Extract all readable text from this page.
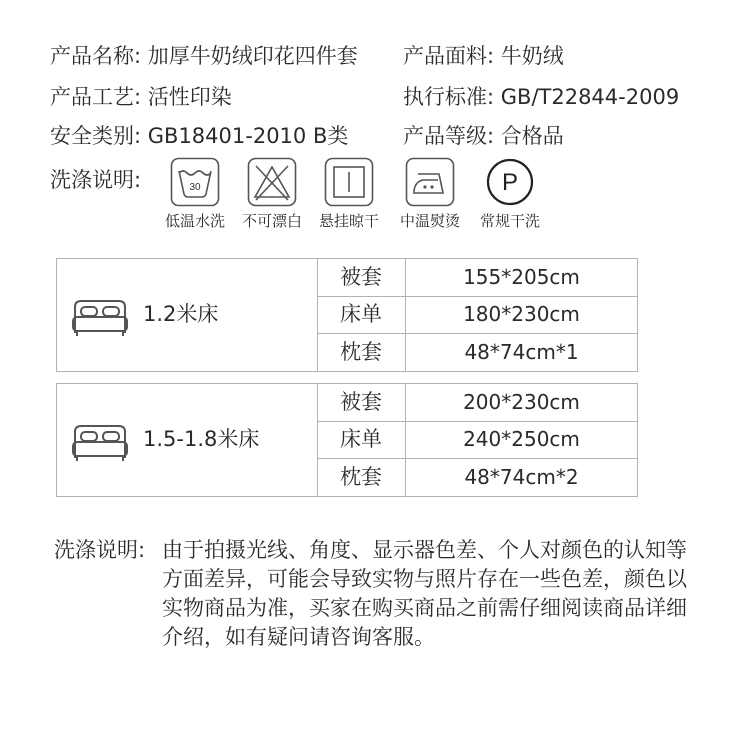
产品名称: 加厚牛奶绒印花四件套 产品面料: 牛奶绒
产品工艺: 活性印染	执行标准: GB/T22844-2009
安全类别: GB18401-2010 B类	产品等级: 合格品
洗涤说明:	30
低温水洗	不可漂白	悬挂晾干	中温熨烫
P
常规干洗
1.2米床
被套	155*205cm
床单	180*230cm
枕套	48*74cm*1
1.5-1.8米床
被套	200*230cm
床单	240*250cm
枕套	48*74cm*2
洗涤说明: 由于拍摄光线、角度、显示器色差、个人对颜色的认知等方面差异，可能会导致实物与照片存在一些色差，颜色以实物商品为准，买家在购买商品之前需仔细阅读商品详细介绍，如有疑问请咨询客服。
